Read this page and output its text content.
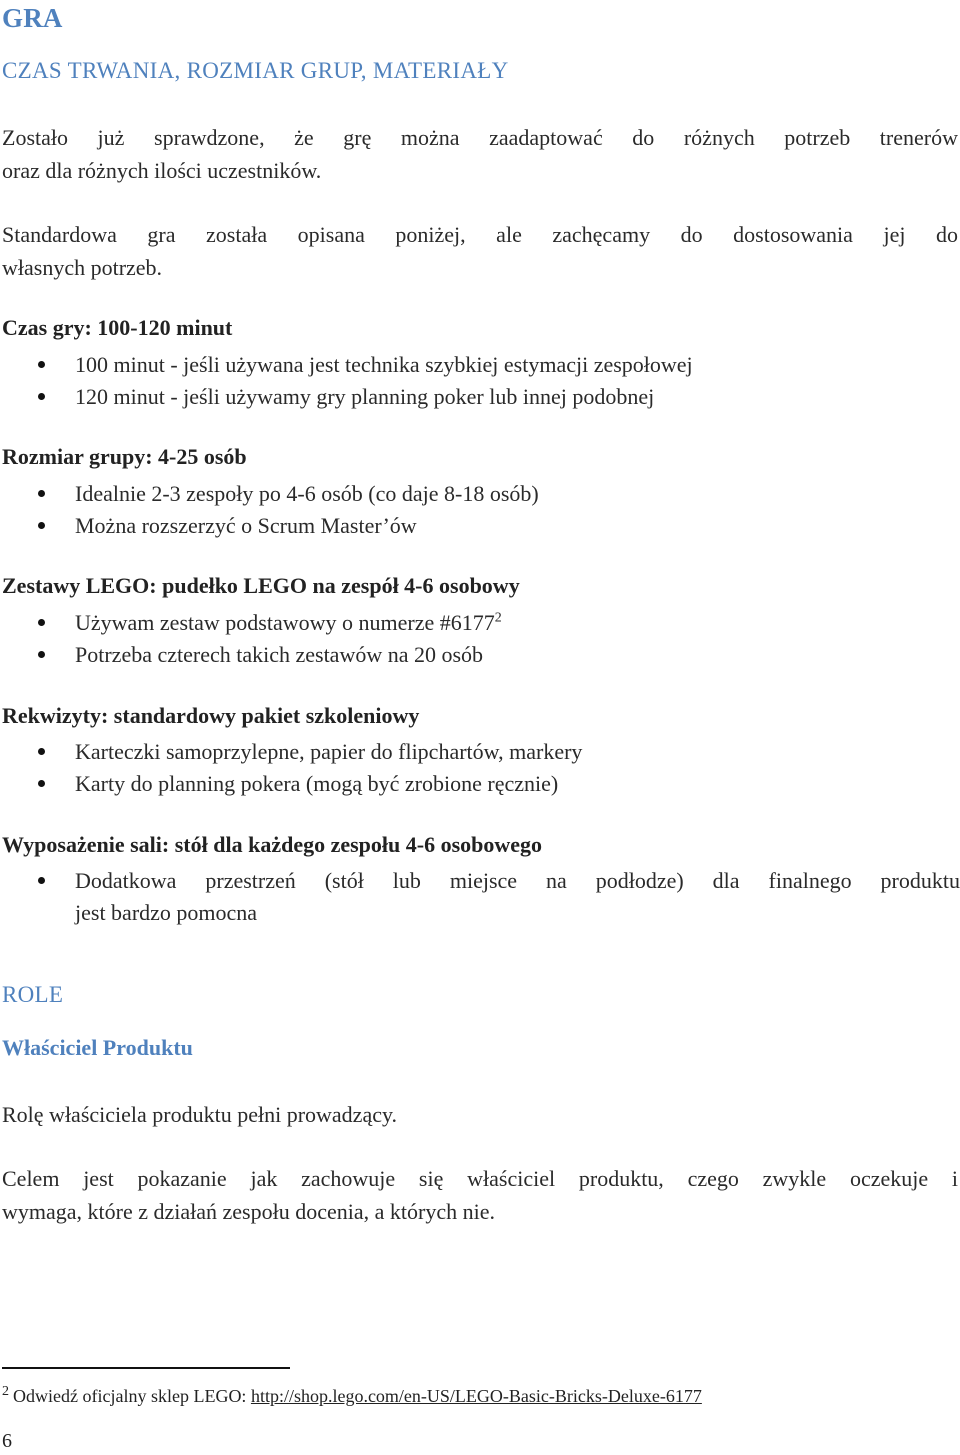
GRA
CZAS TRWANIA, ROZMIAR GRUP, MATERIAŁY
Zostało już sprawdzone, że grę można zaadaptować do różnych potrzeb trenerów
oraz dla różnych ilości uczestników.
Standardowa gra została opisana poniżej, ale zachęcamy do dostosowania jej do
własnych potrzeb.

Czas gry: 100-120 minut

100 minut - jeśli używana jest technika szybkiej estymacji zespołowej
120 minut - jeśli używamy gry planning poker lub innej podobnej

Rozmiar grupy: 4-25 osób

Idealnie 2-3 zespoły po 4-6 osób (co daje 8-18 osób)
Można rozszerzyć o Scrum Master’ów

Zestawy LEGO: pudełko LEGO na zespół 4-6 osobowy

Używam zestaw podstawowy o numerze #6177$^2$
Potrzeba czterech takich zestawów na 20 osób

Rekwizyty: standardowy pakiet szkoleniowy

Karteczki samoprzylepne, papier do flipchartów, markery
Karty do planning pokera (mogą być zrobione ręcznie)

Wyposażenie sali: stół dla każdego zespołu 4-6 osobowego

Dodatkowa przestrzeń (stół lub miejsce na podłodze) dla finalnego produktu
jest bardzo pomocna
ROLE
Właściciel Produktu

Rolę właściciela produktu pełni prowadzący.

Celem jest pokazanie jak zachowuje się właściciel produktu, czego zwykle oczekuje i
wymaga, które z działań zespołu docenia, a których nie.

$^2$ Odwiedź oficjalny sklep LEGO: http://shop.lego.com/en-US/LEGO-Basic-Bricks-Deluxe-6177

6
